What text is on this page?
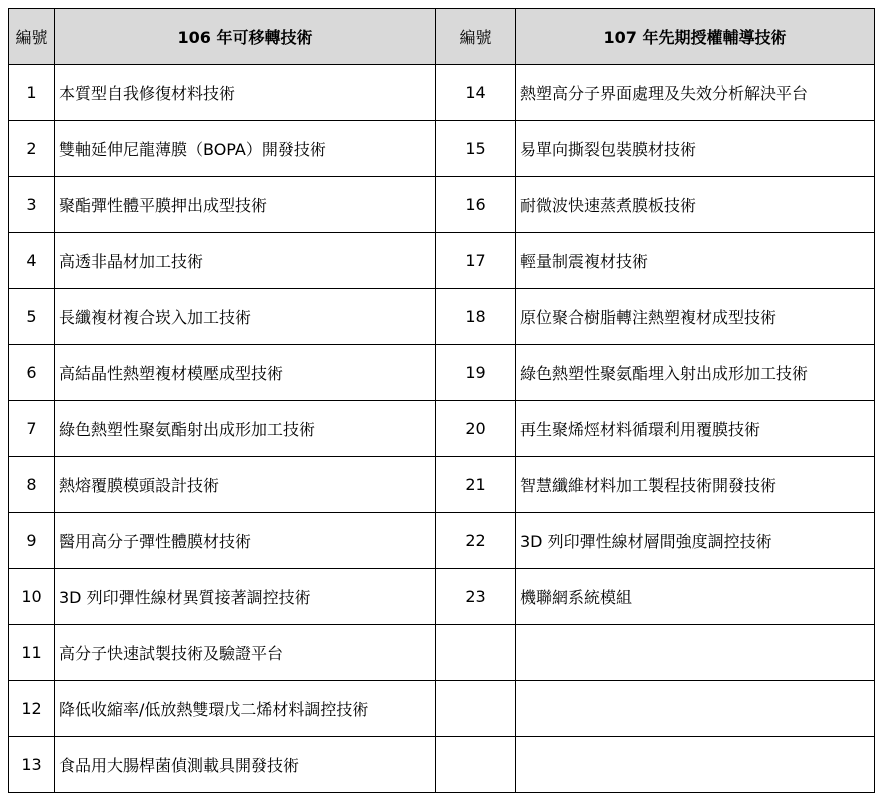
編號	106 年可移轉技術	編號	107 年先期授權輔導技術
1	本質型自我修復材料技術	14	熱塑高分子界面處理及失效分析解決平台
2	雙軸延伸尼龍薄膜（BOPA）開發技術	15	易單向撕裂包裝膜材技術
3	聚酯彈性體平膜押出成型技術	16	耐微波快速蒸煮膜板技術
4	高透非晶材加工技術	17	輕量制震複材技術
5	長纖複材複合崁入加工技術	18	原位聚合樹脂轉注熱塑複材成型技術
6	高結晶性熱塑複材模壓成型技術	19	綠色熱塑性聚氨酯埋入射出成形加工技術
7	綠色熱塑性聚氨酯射出成形加工技術	20	再生聚烯烴材料循環利用覆膜技術
8	熱熔覆膜模頭設計技術	21	智慧纖維材料加工製程技術開發技術
9	醫用高分子彈性體膜材技術	22	3D 列印彈性線材層間強度調控技術
10	3D 列印彈性線材異質接著調控技術	23	機聯網系統模組
11	高分子快速試製技術及驗證平台		
12	降低收縮率/低放熱雙環戊二烯材料調控技術		
13	食品用大腸桿菌偵測載具開發技術		
